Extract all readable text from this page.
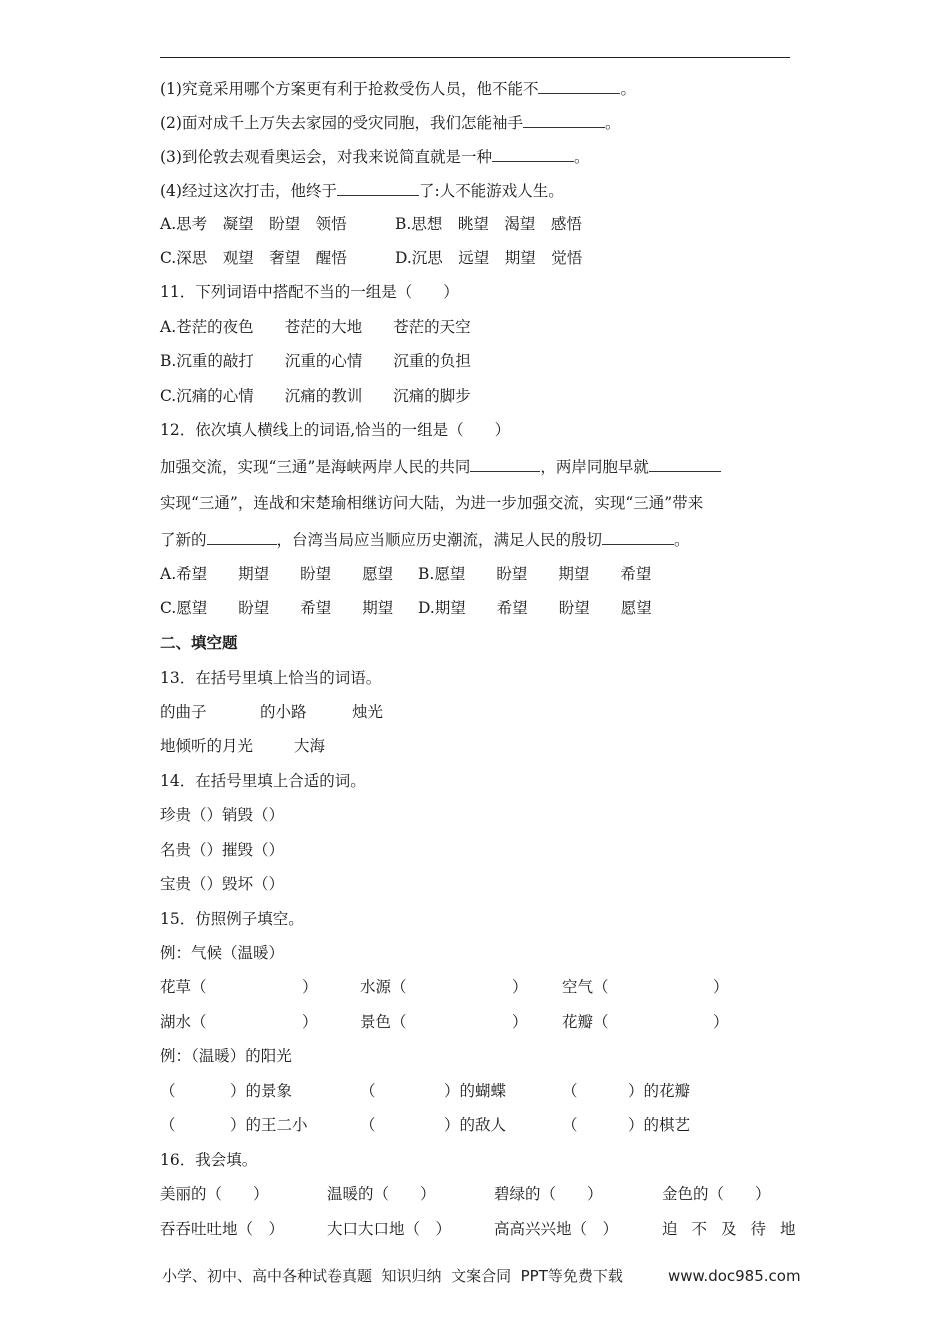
(1)究竟采用哪个方案更有利于抢救受伤人员，他不能不	。
(2)面对成千上万失去家园的受灾同胞，我们怎能袖手	。
(3)到伦敦去观看奥运会，对我来说简直就是一种	。
(4)经过这次打击，他终于	了:人不能游戏人生。
A.思考　凝望　盼望　领悟	B.思想　眺望　渴望　感悟
C.深思　观望　奢望　醒悟	D.沉思　远望　期望　觉悟
11．下列词语中搭配不当的一组是（　　）
A.苍茫的夜色　　苍茫的大地　　苍茫的天空
B.沉重的敲打　　沉重的心情　　沉重的负担
C.沉痛的心情　　沉痛的教训　　沉痛的脚步
12．依次填人横线上的词语,恰当的一组是（　　）
加强交流，实现“三通”是海峡两岸人民的共同	，两岸同胞早就
实现“三通”，连战和宋楚瑜相继访问大陆，为进一步加强交流，实现“三通”带来
了新的	，台湾当局应当顺应历史潮流，满足人民的殷切	。
A.希望　　期望　　盼望　　愿望 B.愿望　　盼望　　期望　　希望
C.愿望　　盼望　　希望　　期望 D.期望　　希望　　盼望　　愿望
二、填空题
13．在括号里填上恰当的词语。
的曲子	的小路	烛光
地倾听的月光	大海
14．在括号里填上合适的词。
珍贵（）销毁（）
名贵（）摧毁（）
宝贵（）毁坏（）
15．仿照例子填空。
例：气候（温暖）
花草（	）	水源（	） 空气（	）
湖水（	）	景色（	） 花瓣（	）
例：（温暖）的阳光
（	）的景象	（	）的蝴蝶	（	）的花瓣
（	）的王二小	（	）的敌人	（	）的棋艺
16．我会填。
美丽的（　　）	温暖的（　　）	碧绿的（　　）	金色的（　　）
吞吞吐吐地（　）	大口大口地（　）	高高兴兴地（　）	迫不及待地
小学、初中、高中各种试卷真题  知识归纳  文案合同  PPT等免费下载	www.doc985.com
